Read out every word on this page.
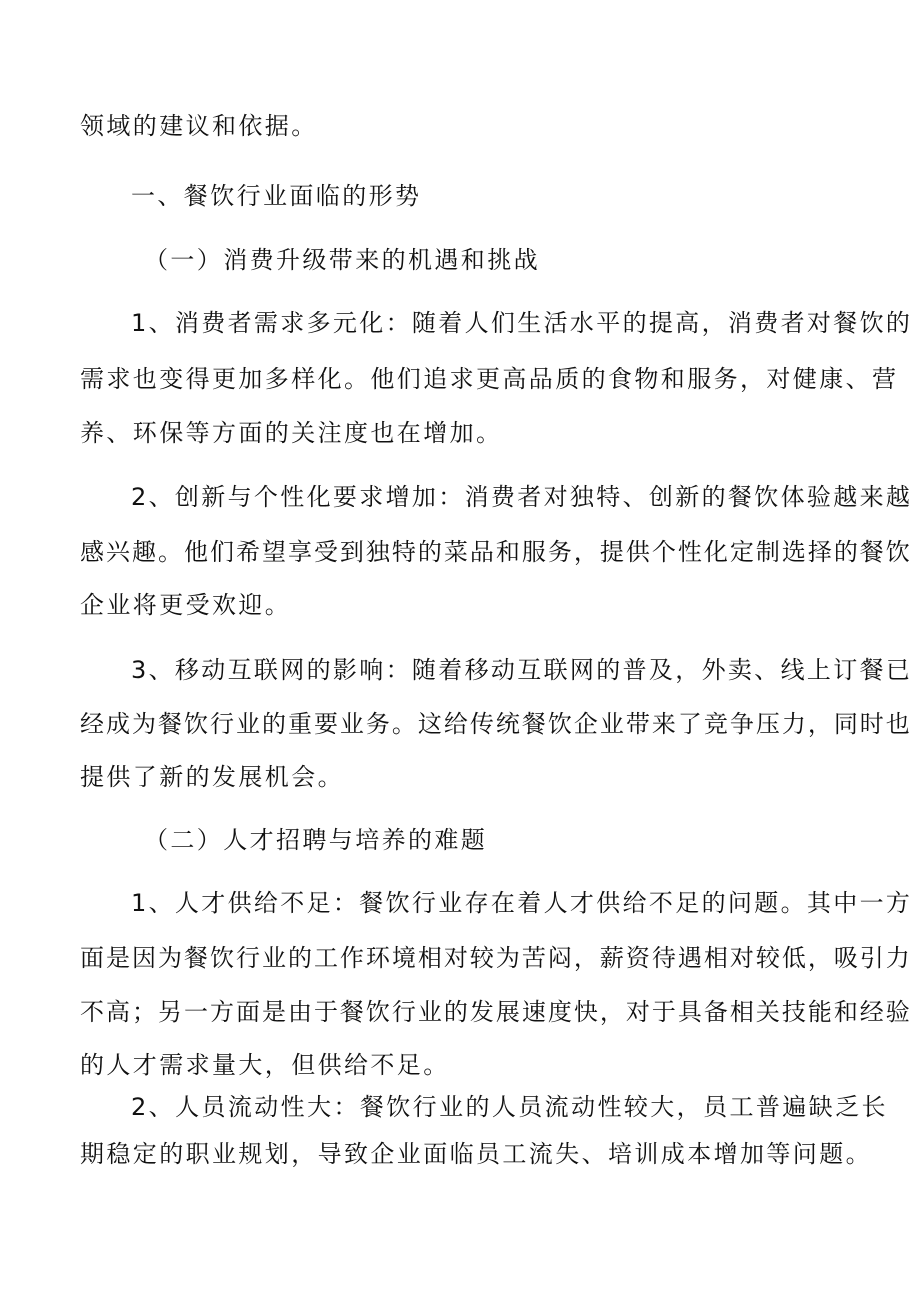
领域的建议和依据。
一、餐饮行业面临的形势
（一）消费升级带来的机遇和挑战
1、消费者需求多元化：随着人们生活水平的提高，消费者对餐饮的
需求也变得更加多样化。他们追求更高品质的食物和服务，对健康、营
养、环保等方面的关注度也在增加。
2、创新与个性化要求增加：消费者对独特、创新的餐饮体验越来越
感兴趣。他们希望享受到独特的菜品和服务，提供个性化定制选择的餐饮
企业将更受欢迎。
3、移动互联网的影响：随着移动互联网的普及，外卖、线上订餐已
经成为餐饮行业的重要业务。这给传统餐饮企业带来了竞争压力，同时也
提供了新的发展机会。
（二）人才招聘与培养的难题
1、人才供给不足：餐饮行业存在着人才供给不足的问题。其中一方
面是因为餐饮行业的工作环境相对较为苦闷，薪资待遇相对较低，吸引力
不高；另一方面是由于餐饮行业的发展速度快，对于具备相关技能和经验
的人才需求量大，但供给不足。
2、人员流动性大：餐饮行业的人员流动性较大，员工普遍缺乏长
期稳定的职业规划，导致企业面临员工流失、培训成本增加等问题。
